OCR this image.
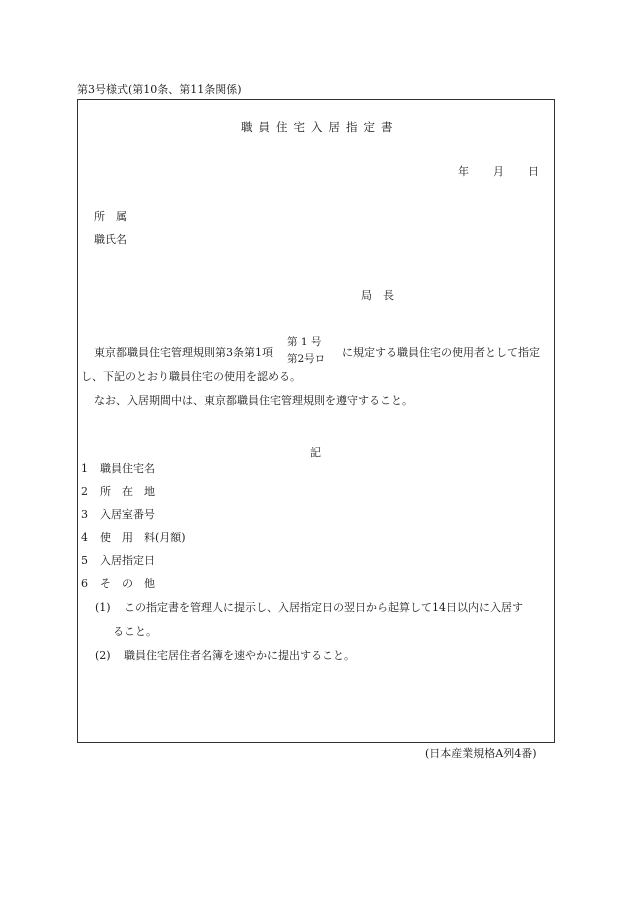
第3号様式(第10条、第11条関係)
職員住宅入居指定書
年 月 日
所　属
職氏名
局　長
東京都職員住宅管理規則第3条第1項
第 1 号
第2号ロ に規定する職員住宅の使用者として指定
し、下記のとおり職員住宅の使用を認める。
なお、入居期間中は、東京都職員住宅管理規則を遵守すること。
記
1 職員住宅名
2 所　在　地
3 入居室番号
4 使　用　料(月額)
5 入居指定日
6 そ　の　他
(1) この指定書を管理人に提示し、入居指定日の翌日から起算して14日以内に入居す
ること。
(2) 職員住宅居住者名簿を速やかに提出すること。
(日本産業規格A列4番)
